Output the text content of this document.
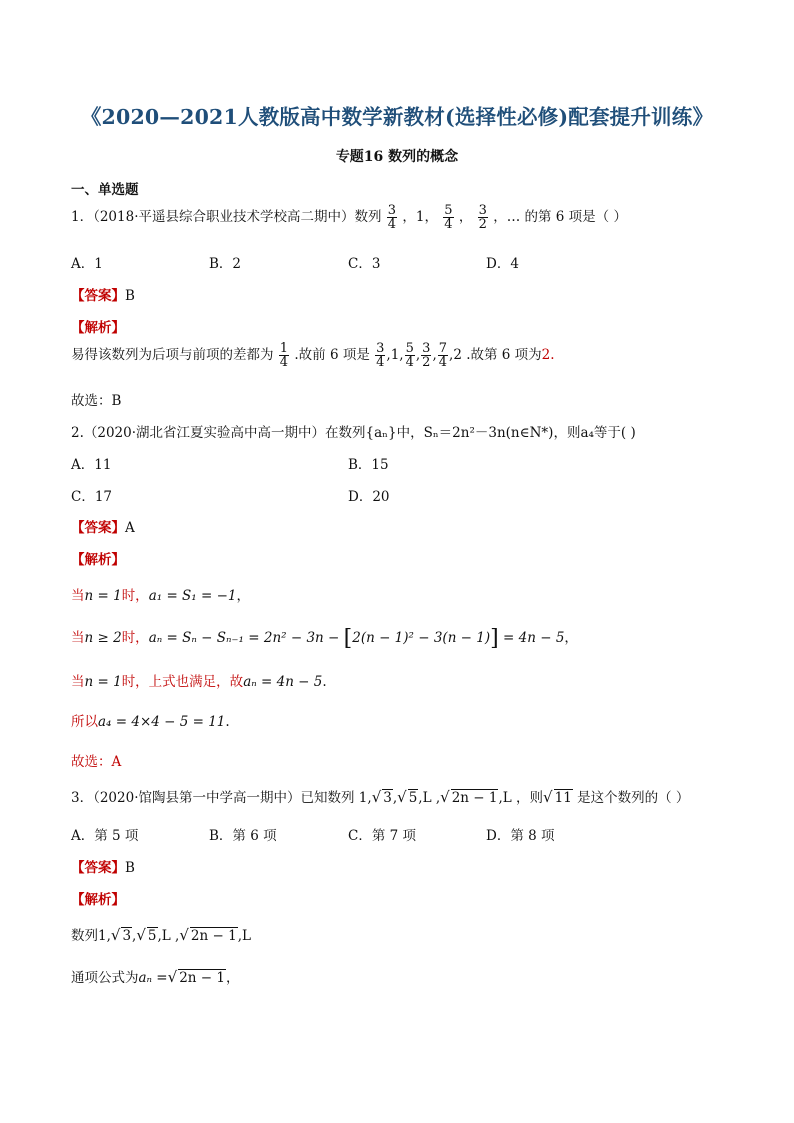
《2020—2021人教版高中数学新教材(选择性必修)配套提升训练》
专题16 数列的概念
一、单选题
1．（2018·平遥县综合职业技术学校高二期中）数列 $\frac{3}{4}$ ，1， $\frac{5}{4}$ ， $\frac{3}{2}$ ，… 的第 6 项是（ ）
A．1	B．2	C．3	D．4
【答案】B
【解析】
易得该数列为后项与前项的差都为 $\frac{1}{4}$ .故前 6 项是 $\frac{3}{4} ,1$, $\frac{5}{4}$ , $\frac{3}{2}$ , $\frac{7}{4} ,2$ .故第 6 项为2.
故选：B
2.（2020·湖北省江夏实验高中高一期中）在数列{aₙ}中，Sₙ＝2n²－3n(n∈N*)，则a₄等于( )
A．11	B．15
C．17	D．20
【答案】A
【解析】
当n = 1时，a₁ = S₁ = −1，
当n ≥ 2时，aₙ = Sₙ − Sₙ₋₁ = 2n² − 3n − [2(n − 1)² − 3(n − 1)] = 4n − 5，
当n = 1时，上式也满足，故aₙ = 4n − 5.
所以a₄ = 4×4 − 5 = 11.
故选：A
3．（2020·馆陶县第一中学高一期中）已知数列 1,√ 3,√ 5,L ,√ 2n − 1,L ，则√ 11 是这个数列的（ ）
A．第 5 项	B．第 6 项	C．第 7 项	D．第 8 项
【答案】B
【解析】
数列1,√ 3,√ 5,L ,√ 2n − 1,L
通项公式为aₙ =√ 2n − 1，
